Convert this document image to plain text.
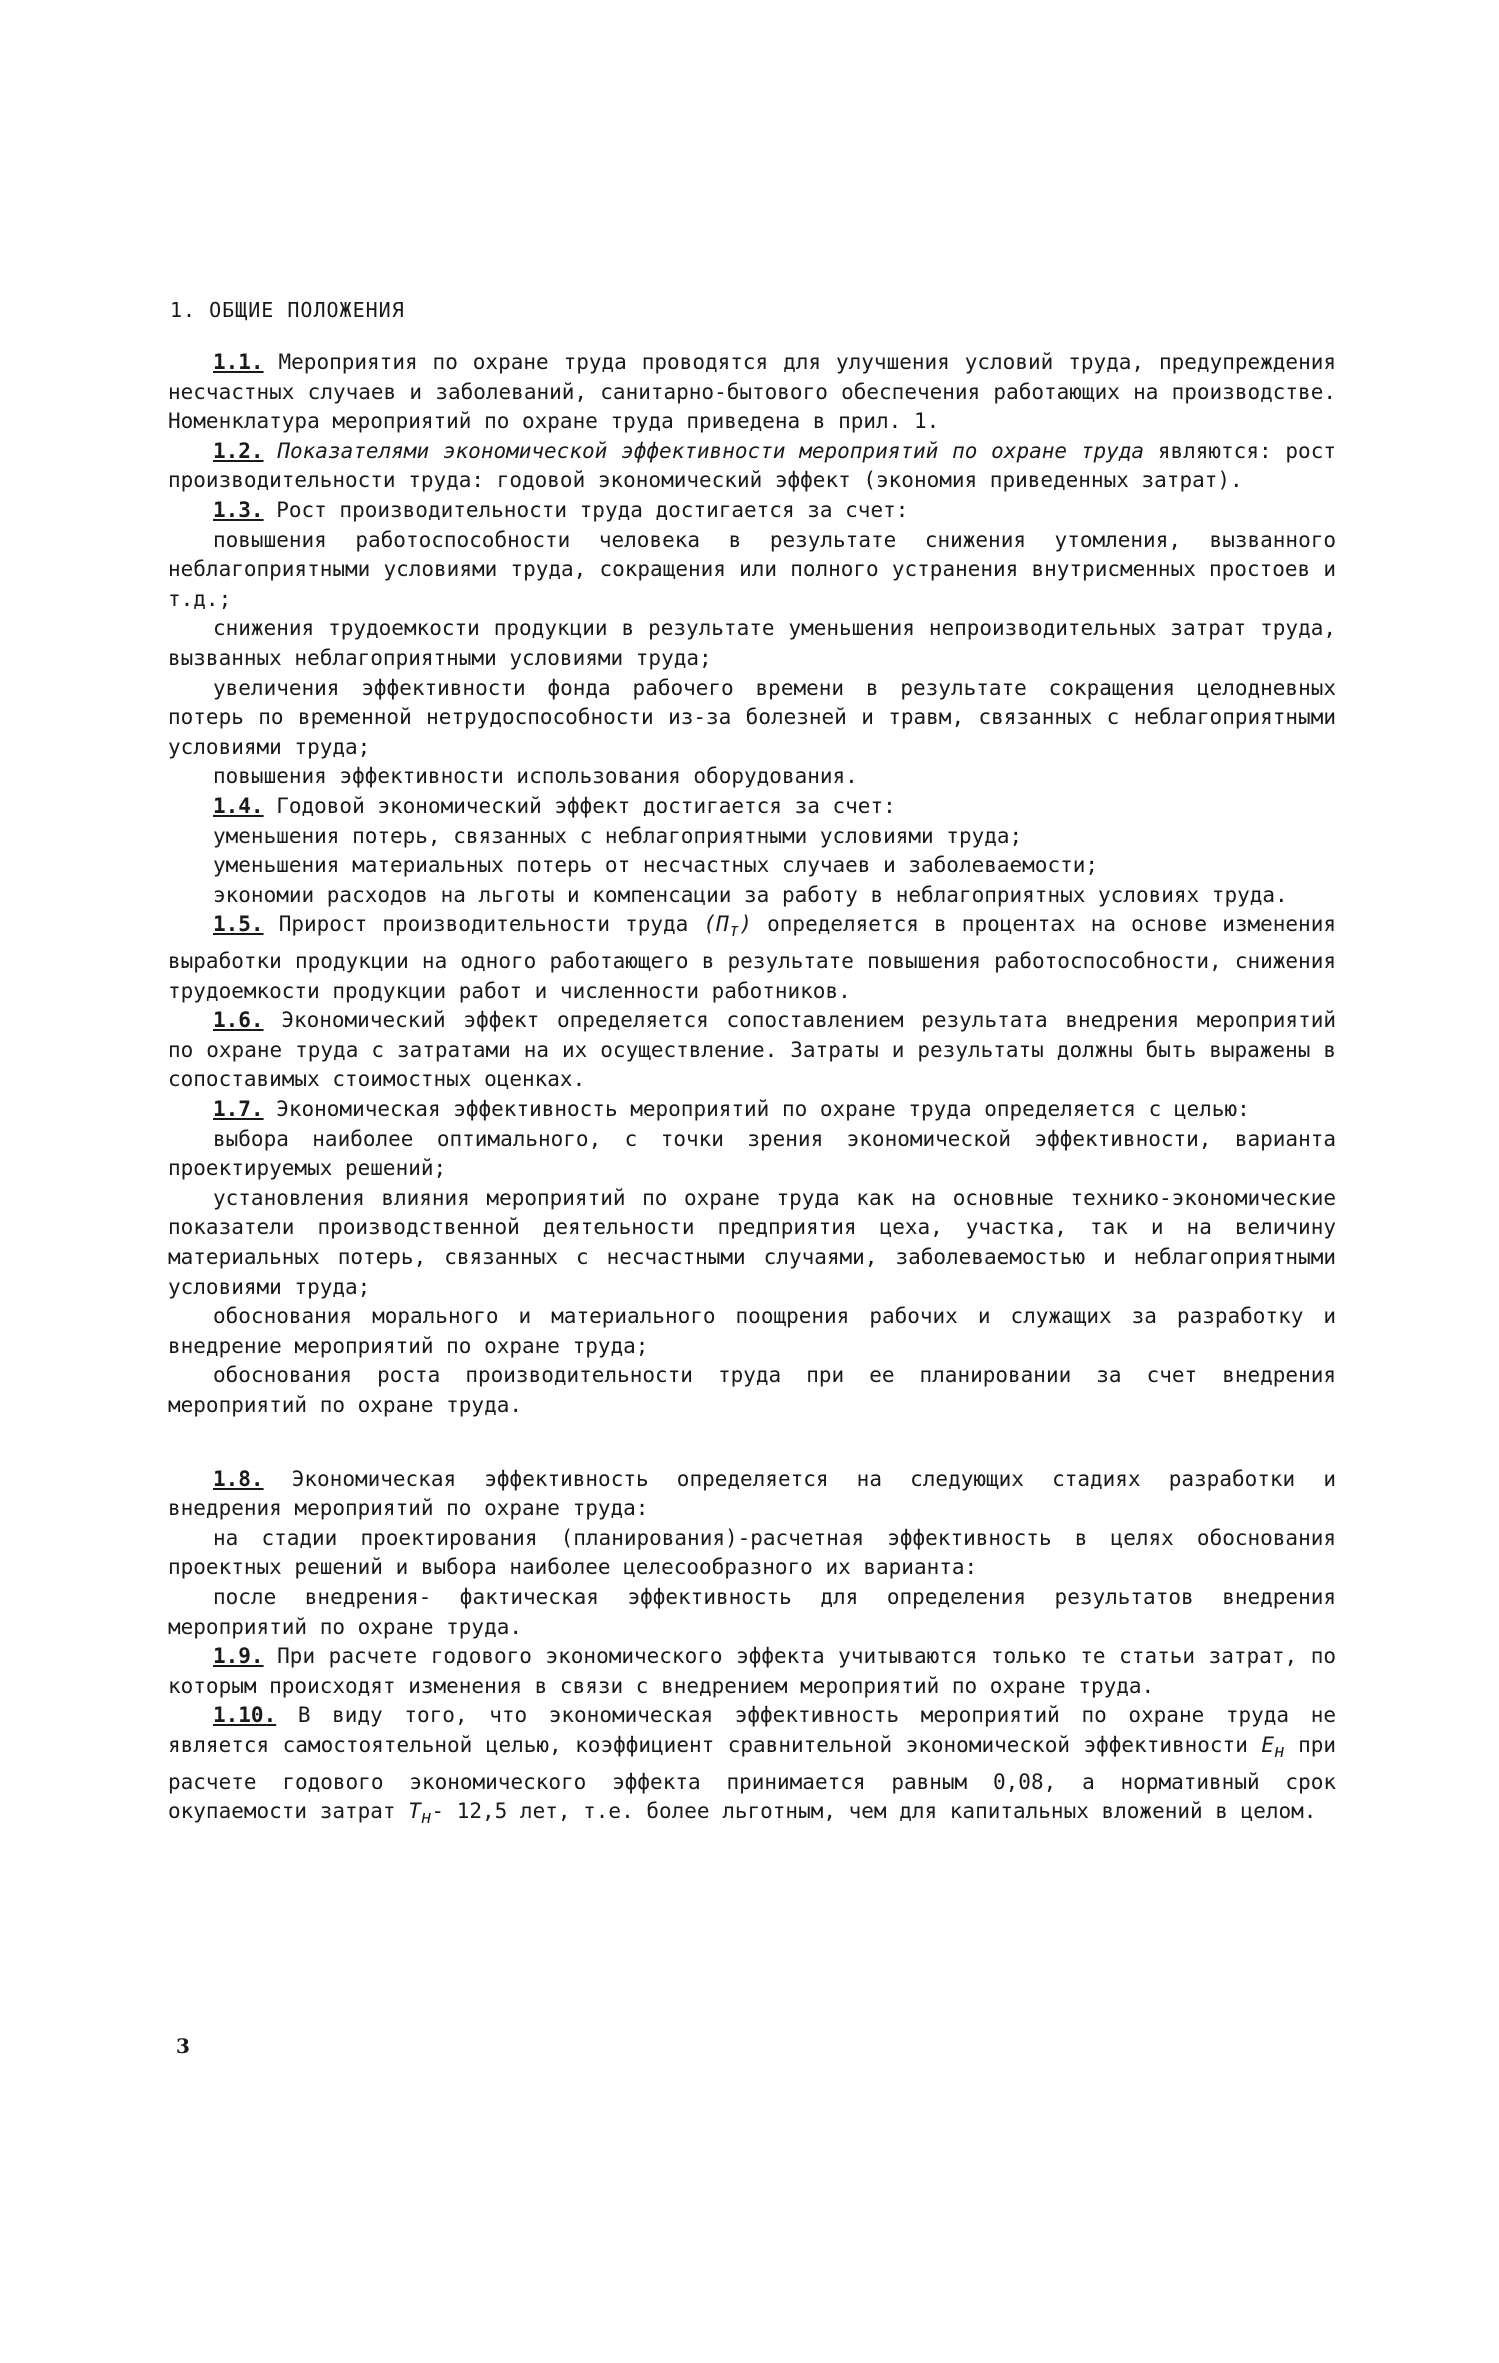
1. ОБЩИЕ ПОЛОЖЕНИЯ

1.1. Мероприятия по охране труда проводятся для улучшения условий труда, предупреждения несчастных случаев и заболеваний, санитарно-бытового обеспечения работающих на производстве. Номенклатура мероприятий по охране труда приведена в прил. 1.

1.2. Показателями экономической эффективности мероприятий по охране труда являются: рост производительности труда: годовой экономический эффект (экономия приведенных затрат).

1.3. Рост производительности труда достигается за счет:

повышения работоспособности человека в результате снижения утомления, вызванного неблагоприятными условиями труда, сокращения или полного устранения внутрисменных простоев и т.д.;

снижения трудоемкости продукции в результате уменьшения непроизводительных затрат труда, вызванных неблагоприятными условиями труда;

увеличения эффективности фонда рабочего времени в результате сокращения целодневных потерь по временной нетрудоспособности из-за болезней и травм, связанных с неблагоприятными условиями труда;

повышения эффективности использования оборудования.

1.4. Годовой экономический эффект достигается за счет:

уменьшения потерь, связанных с неблагоприятными условиями труда;

уменьшения материальных потерь от несчастных случаев и заболеваемости;

экономии расходов на льготы и компенсации за работу в неблагоприятных условиях труда.

1.5. Прирост производительности труда $(П_т)$ определяется в процентах на основе изменения выработки продукции на одного работающего в результате повышения работоспособности, снижения трудоемкости продукции работ и численности работников.

1.6. Экономический эффект определяется сопоставлением результата внедрения мероприятий по охране труда с затратами на их осуществление. Затраты и результаты должны быть выражены в сопоставимых стоимостных оценках.

1.7. Экономическая эффективность мероприятий по охране труда определяется с целью:

выбора наиболее оптимального, с точки зрения экономической эффективности, варианта проектируемых решений;

установления влияния мероприятий по охране труда как на основные технико-экономические показатели производственной деятельности предприятия цеха, участка, так и на величину материальных потерь, связанных с несчастными случаями, заболеваемостью и неблагоприятными условиями труда;

обоснования морального и материального поощрения рабочих и служащих за разработку и внедрение мероприятий по охране труда;

обоснования роста производительности труда при ее планировании за счет внедрения мероприятий по охране труда.

1.8. Экономическая эффективность определяется на следующих стадиях разработки и внедрения мероприятий по охране труда:

на стадии проектирования (планирования)-расчетная эффективность в целях обоснования проектных решений и выбора наиболее целесообразного их варианта:

после внедрения- фактическая эффективность для определения результатов внедрения мероприятий по охране труда.

1.9. При расчете годового экономического эффекта учитываются только те статьи затрат, по которым происходят изменения в связи с внедрением мероприятий по охране труда.

1.10. В виду того, что экономическая эффективность мероприятий по охране труда не является самостоятельной целью, коэффициент сравнительной экономической эффективности $Е_н$ при расчете годового экономического эффекта принимается равным 0,08, а нормативный срок окупаемости затрат $Т_н-$ 12,5 лет, т.е. более льготным, чем для капитальных вложений в целом.

3
